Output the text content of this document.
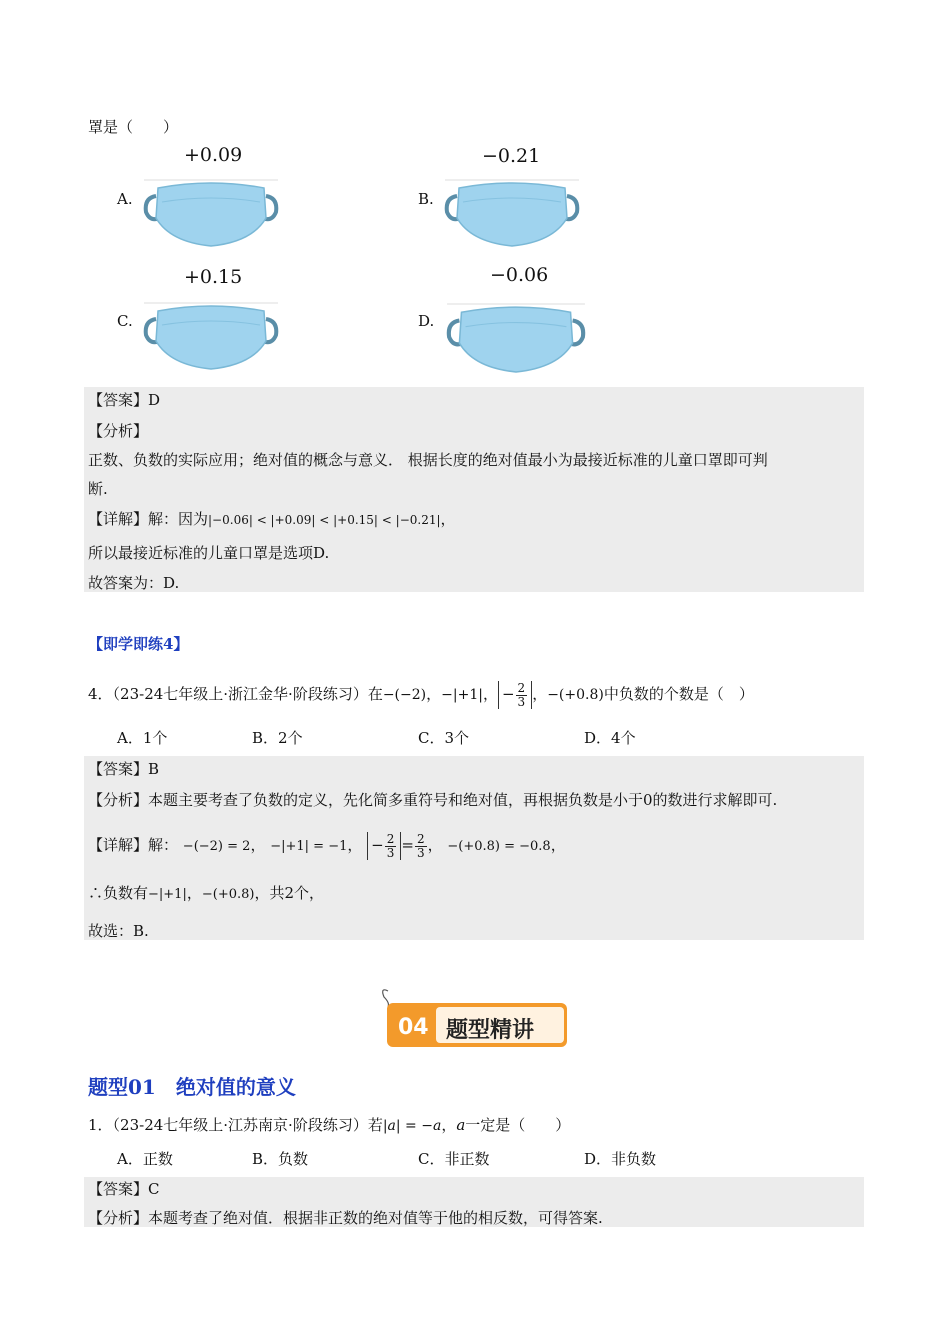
罩是（　　）
+0.09
A.
−0.21
B.
+0.15
C.
−0.06
D.
【答案】D
【分析】
正数、负数的实际应用；绝对值的概念与意义． 根据长度的绝对值最小为最接近标准的儿童口罩即可判
断.
【详解】解：因为|−0.06| < |+0.09| < |+0.15| < |−0.21|，
所以最接近标准的儿童口罩是选项D.
故答案为：D.
【即学即练4】
4．（23-24七年级上·浙江金华·阶段练习）在−(−2)，−|+1|， − $\frac{2}{3}$ ，−(+0.8)中负数的个数是（　）
A．1个	B．2个	C．3个	D．4个
【答案】B
【分析】本题主要考查了负数的定义，先化简多重符号和绝对值，再根据负数是小于0的数进行求解即可.
【详解】解： −(−2) = 2， −|+1| = −1， − $\frac{2}{3} = \frac{2}{3}$ ， −(+0.8) = −0.8，
∴负数有−|+1|，−(+0.8)，共2个，
故选：B.
04 题型精讲
题型01　绝对值的意义
1．（23-24七年级上·江苏南京·阶段练习）若|a| = −a，a一定是（　　）
A．正数	B．负数	C．非正数	D．非负数
【答案】C
【分析】本题考查了绝对值．根据非正数的绝对值等于他的相反数，可得答案.
